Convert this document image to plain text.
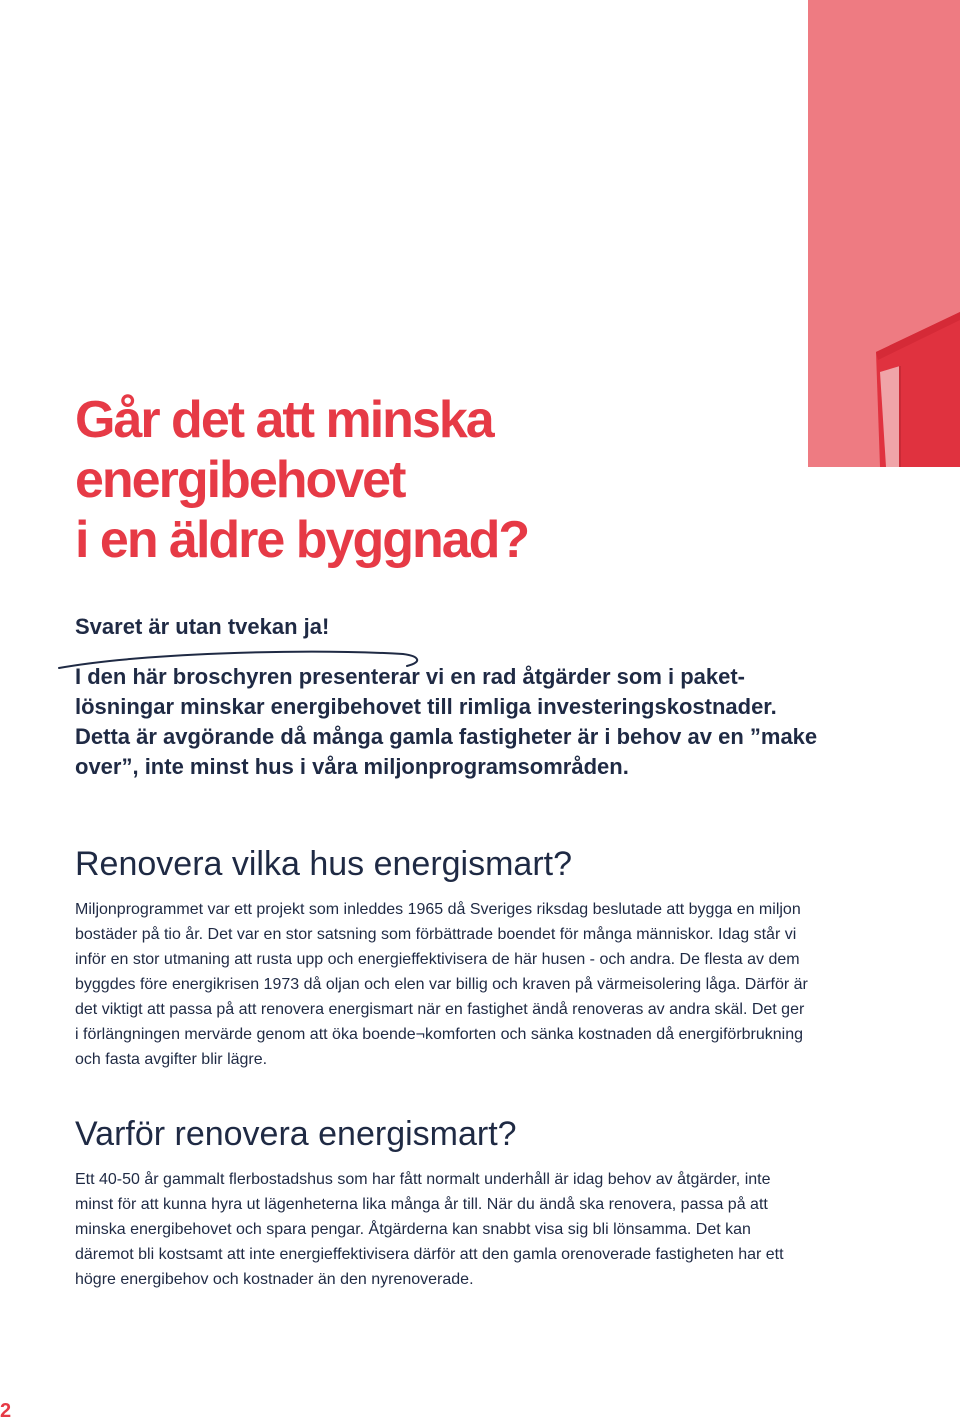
Går det att minska
energibehovet
i en äldre byggnad?

Svaret är utan tvekan ja!

I den här broschyren presenterar vi en rad åtgärder som i paket-lösningar minskar energibehovet till rimliga investeringskostnader. Detta är avgörande då många gamla fastigheter är i behov av en ”make over”, inte minst hus i våra miljonprogramsområden.

Renovera vilka hus energismart?

Miljonprogrammet var ett projekt som inleddes 1965 då Sveriges riksdag beslutade att bygga en miljon bostäder på tio år. Det var en stor satsning som förbättrade boendet för många människor. Idag står vi inför en stor utmaning att rusta upp och energieffektivisera de här husen - och andra. De flesta av dem byggdes före energikrisen 1973 då oljan och elen var billig och kraven på värmeisolering låga. Därför är det viktigt att passa på att renovera energismart när en fastighet ändå renoveras av andra skäl. Det ger i förlängningen mervärde genom att öka boende¬komforten och sänka kostnaden då energiförbrukning och fasta avgifter blir lägre.

Varför renovera energismart?

Ett 40-50 år gammalt flerbostadshus som har fått normalt underhåll är idag behov av åtgärder, inte minst för att kunna hyra ut lägenheterna lika många år till. När du ändå ska renovera, passa på att minska energibehovet och spara pengar. Åtgärderna kan snabbt visa sig bli lönsamma. Det kan däremot bli kostsamt att inte energieffektivisera därför att den gamla orenoverade fastigheten har ett högre energibehov och kostnader än den nyrenoverade.

2
